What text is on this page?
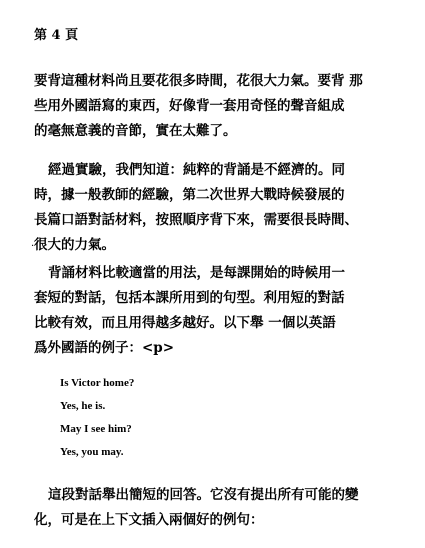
第 4 頁
要背這種材料尚且要花很多時間，花很大力氣。要背 那
些用外國語寫的東西，好像背一套用奇怪的聲音組成
的毫無意義的音節，實在太難了。
經過實驗，我們知道：純粹的背誦是不經濟的。同
時，據一般教師的經驗，第二次世界大戰時候發展的
長篇口語對話材料，按照順序背下來，需要很長時間、
很大的力氣。
·
背誦材料比較適當的用法，是每課開始的時候用一
套短的對話，包括本課所用到的句型。利用短的對話
比較有效，而且用得越多越好。以下舉 一個以英語
爲外國語的例子：<p>
Is Victor home?
Yes, he is.
May I see him?
Yes, you may.
這段對話舉出簡短的回答。它沒有提出所有可能的變
化，可是在上下文插入兩個好的例句：
